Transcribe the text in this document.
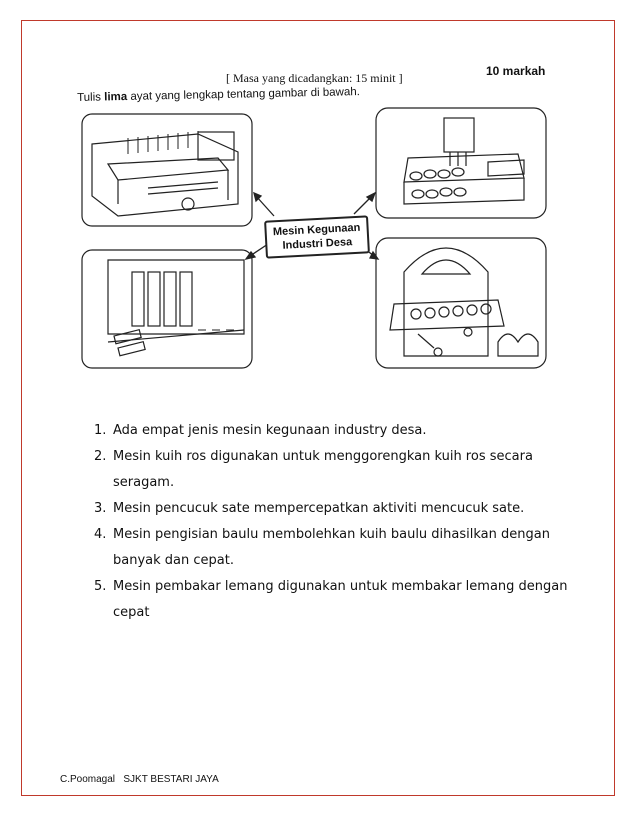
[ Masa yang dicadangkan: 15 minit ]	10 markah
Tulis lima ayat yang lengkap tentang gambar di bawah.
Mesin Kegunaan
Industri Desa
1. Ada empat jenis mesin kegunaan industry desa.
2. Mesin kuih ros digunakan untuk menggorengkan kuih ros secara seragam.
3. Mesin pencucuk sate mempercepatkan aktiviti mencucuk sate.
4. Mesin pengisian baulu membolehkan kuih baulu dihasilkan dengan banyak dan cepat.
5. Mesin pembakar lemang digunakan untuk membakar lemang dengan cepat
C.Poomagal SJKT BESTARI JAYA
